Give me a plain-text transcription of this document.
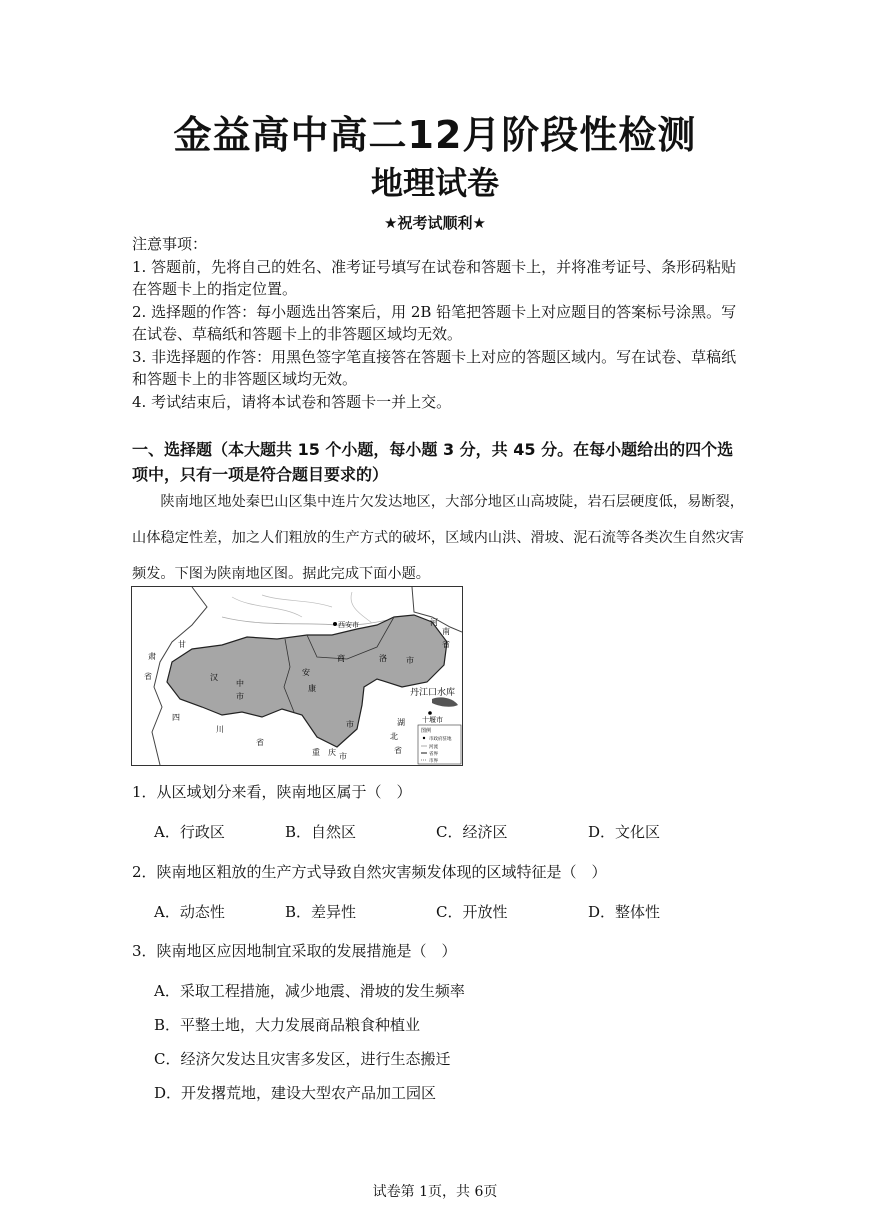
金益高中高二12月阶段性检测
地理试卷
★祝考试顺利★

注意事项：

1. 答题前，先将自己的姓名、准考证号填写在试卷和答题卡上，并将准考证号、条形码粘贴在答题卡上的指定位置。

2. 选择题的作答：每小题选出答案后，用 2B 铅笔把答题卡上对应题目的答案标号涂黑。写在试卷、草稿纸和答题卡上的非答题区域均无效。

3. 非选择题的作答：用黑色签字笔直接答在答题卡上对应的答题区域内。写在试卷、草稿纸和答题卡上的非答题区域均无效。

4. 考试结束后，请将本试卷和答题卡一并上交。

一、选择题（本大题共 15 个小题，每小题 3 分，共 45 分。在每小题给出的四个选项中，只有一项是符合题目要求的）
陕南地区地处秦巴山区集中连片欠发达地区，大部分地区山高坡陡，岩石层硬度低，易断裂，山体稳定性差，加之人们粗放的生产方式的破坏，区域内山洪、滑坡、泥石流等各类次生自然灾害频发。下图为陕南地区图。据此完成下面小题。
西安市
甘
肃
省
河
南
省
汉
中
市
商	洛 市
安
康
市
四
川
省
湖
北
省
重 庆 市
丹江口水库
十堰市
图例
市政府驻地
河流
省界
市界
1．从区域划分来看，陕南地区属于（　）
A．行政区	B．自然区	C．经济区	D．文化区
2．陕南地区粗放的生产方式导致自然灾害频发体现的区域特征是（　）
A．动态性	B．差异性	C．开放性	D．整体性
3．陕南地区应因地制宜采取的发展措施是（　）
A．采取工程措施，减少地震、滑坡的发生频率
B．平整土地，大力发展商品粮食种植业
C．经济欠发达且灾害多发区，进行生态搬迁
D．开发撂荒地，建设大型农产品加工园区
试卷第 1页，共 6页
